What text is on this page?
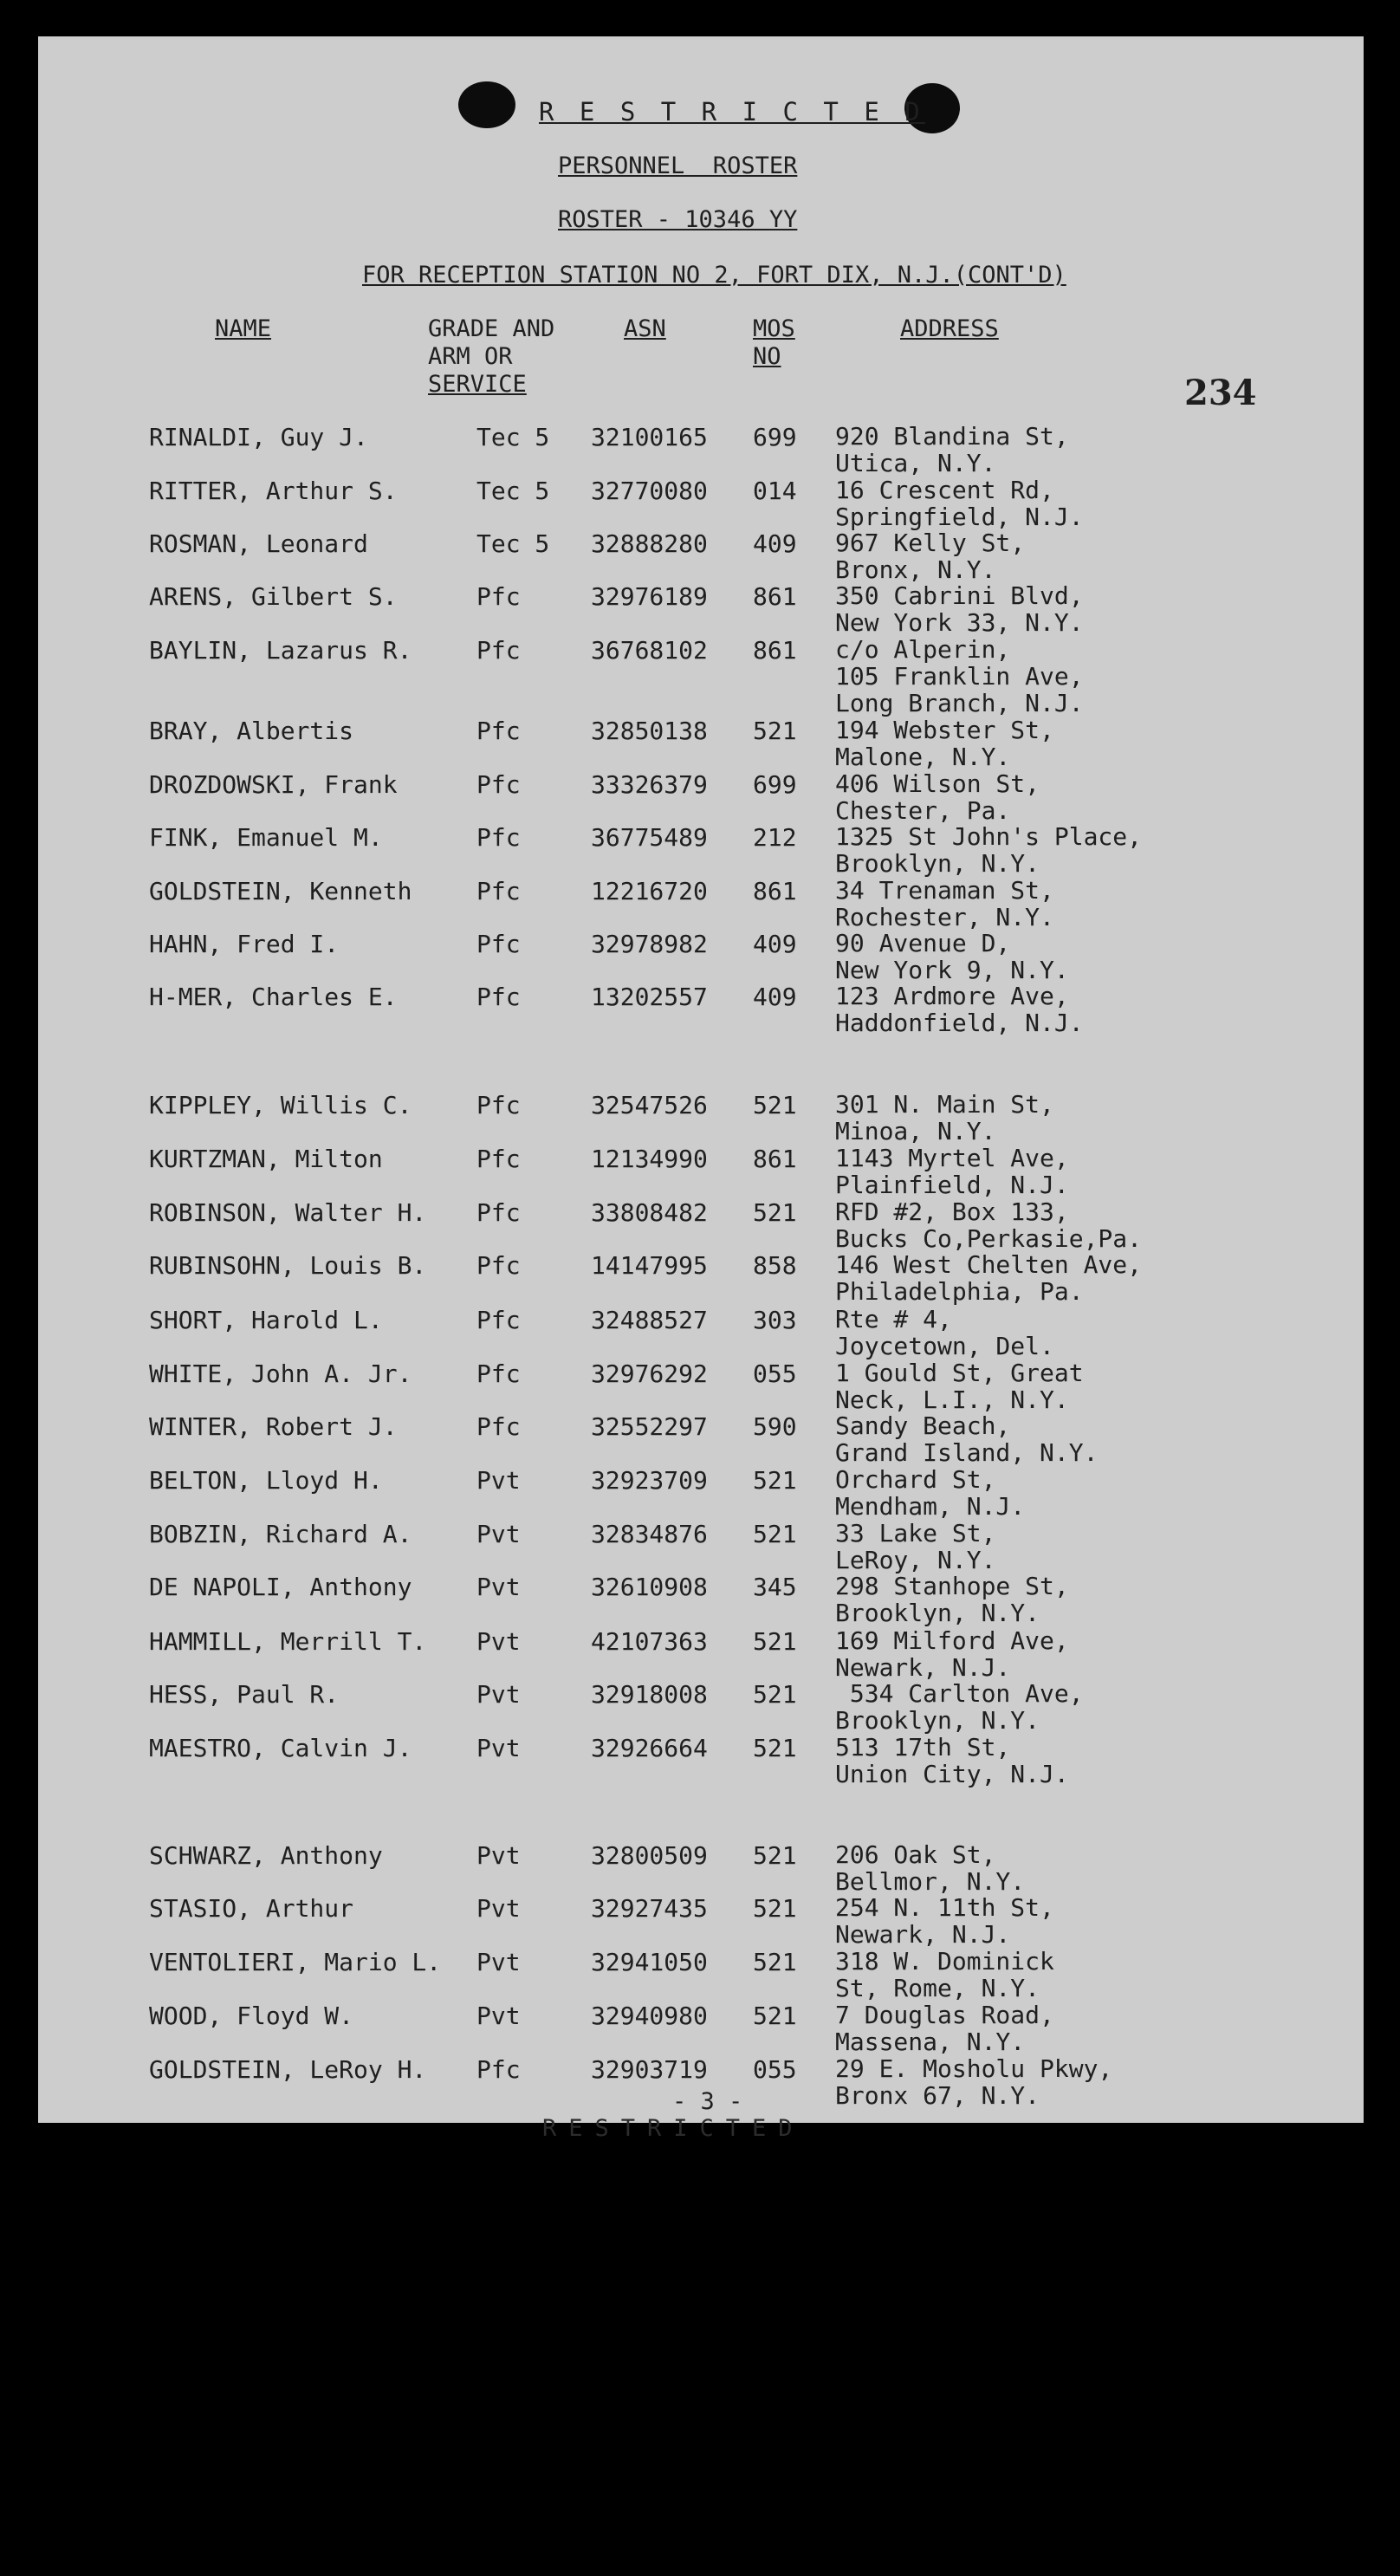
R E S T R I C T E D
PERSONNEL  ROSTER
ROSTER - 10346 YY
FOR RECEPTION STATION NO 2, FORT DIX, N.J.(CONT'D)
NAME	GRADE AND
ARM OR
SERVICE
ASN	MOS
NO
ADDRESS
234
RINALDI, Guy J.	Tec 5 32100165 699 920 Blandina St,
Utica, N.Y.
RITTER, Arthur S.	Tec 5 32770080 014 16 Crescent Rd,
Springfield, N.J.
ROSMAN, Leonard	Tec 5 32888280 409 967 Kelly St,
Bronx, N.Y.
ARENS, Gilbert S.	Pfc	32976189 861 350 Cabrini Blvd,
New York 33, N.Y.
BAYLIN, Lazarus R.	Pfc	36768102 861 c/o Alperin,
105 Franklin Ave,
Long Branch, N.J.
BRAY, Albertis	Pfc	32850138 521 194 Webster St,
Malone, N.Y.
DROZDOWSKI, Frank	Pfc	33326379 699 406 Wilson St,
Chester, Pa.
FINK, Emanuel M.	Pfc	36775489 212 1325 St John's Place,
Brooklyn, N.Y.
GOLDSTEIN, Kenneth	Pfc	12216720 861 34 Trenaman St,
Rochester, N.Y.
HAHN, Fred I.	Pfc	32978982 409 90 Avenue D,
New York 9, N.Y.
H-MER, Charles E.	Pfc	13202557 409 123 Ardmore Ave,
Haddonfield, N.J.
KIPPLEY, Willis C.	Pfc	32547526 521 301 N. Main St,
Minoa, N.Y.
KURTZMAN, Milton	Pfc	12134990 861 1143 Myrtel Ave,
Plainfield, N.J.
ROBINSON, Walter H. Pfc	33808482 521 RFD #2, Box 133,
Bucks Co,Perkasie,Pa.
RUBINSOHN, Louis B. Pfc	14147995 858 146 West Chelten Ave,
Philadelphia, Pa.
SHORT, Harold L.	Pfc	32488527 303 Rte # 4,
Joycetown, Del.
WHITE, John A. Jr.	Pfc	32976292 055 1 Gould St, Great
Neck, L.I., N.Y.
WINTER, Robert J.	Pfc	32552297 590 Sandy Beach,
Grand Island, N.Y.
BELTON, Lloyd H.	Pvt	32923709 521 Orchard St,
Mendham, N.J.
BOBZIN, Richard A.	Pvt	32834876 521 33 Lake St,
LeRoy, N.Y.
DE NAPOLI, Anthony	Pvt	32610908 345 298 Stanhope St,
Brooklyn, N.Y.
HAMMILL, Merrill T. Pvt	42107363 521 169 Milford Ave,
Newark, N.J.
HESS, Paul R.	Pvt	32918008 521 534 Carlton Ave,
Brooklyn, N.Y.
MAESTRO, Calvin J.	Pvt	32926664 521 513 17th St,
Union City, N.J.
SCHWARZ, Anthony	Pvt	32800509 521 206 Oak St,
Bellmor, N.Y.
STASIO, Arthur	Pvt	32927435 521 254 N. 11th St,
Newark, N.J.
VENTOLIERI, Mario L. Pvt	32941050 521 318 W. Dominick
St, Rome, N.Y.
WOOD, Floyd W.	Pvt	32940980 521 7 Douglas Road,
Massena, N.Y.
GOLDSTEIN, LeRoy H. Pfc	32903719 055 29 E. Mosholu Pkwy,
Bronx 67, N.Y.
- 3 -
RESTRICTED
